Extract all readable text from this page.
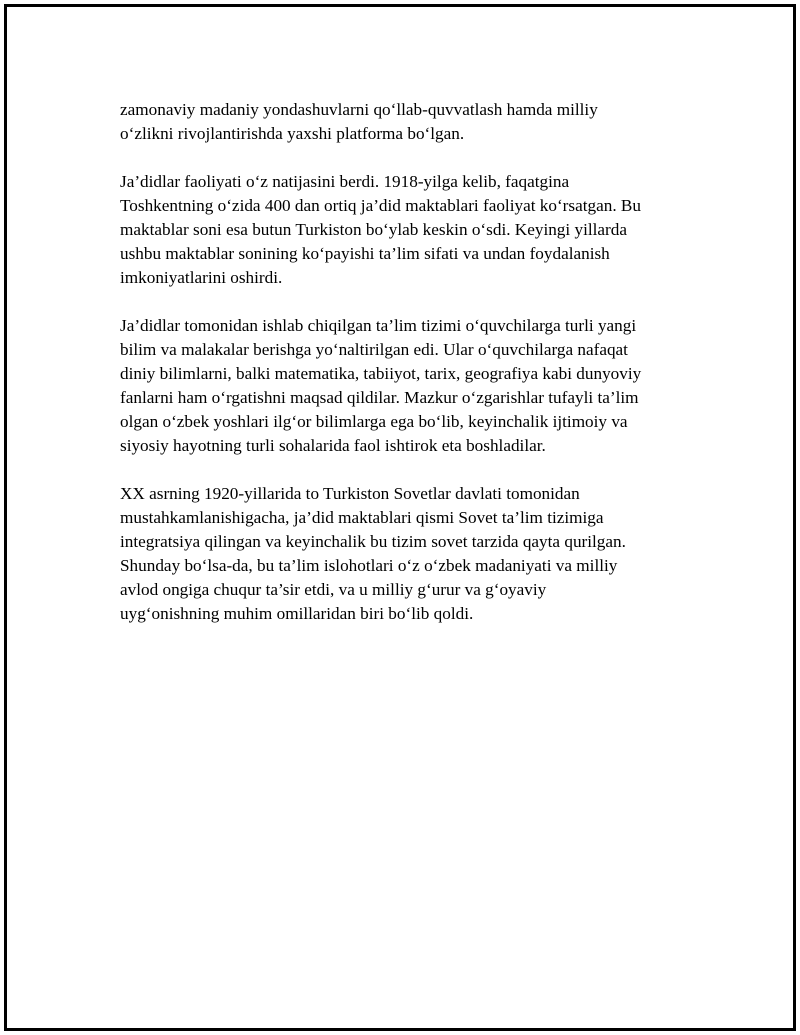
zamonaviy madaniy yondashuvlarni qoʻllab-quvvatlash hamda milliy
oʻzlikni rivojlantirishda yaxshi platforma boʻlgan.

Ja’didlar faoliyati oʻz natijasini berdi. 1918-yilga kelib, faqatgina
Toshkentning oʻzida 400 dan ortiq ja’did maktablari faoliyat koʻrsatgan. Bu
maktablar soni esa butun Turkiston boʻylab keskin oʻsdi. Keyingi yillarda
ushbu maktablar sonining koʻpayishi ta’lim sifati va undan foydalanish
imkoniyatlarini oshirdi.

Ja’didlar tomonidan ishlab chiqilgan ta’lim tizimi oʻquvchilarga turli yangi
bilim va malakalar berishga yoʻnaltirilgan edi. Ular oʻquvchilarga nafaqat
diniy bilimlarni, balki matematika, tabiiyot, tarix, geografiya kabi dunyoviy
fanlarni ham oʻrgatishni maqsad qildilar. Mazkur oʻzgarishlar tufayli ta’lim
olgan oʻzbek yoshlari ilgʻor bilimlarga ega boʻlib, keyinchalik ijtimoiy va
siyosiy hayotning turli sohalarida faol ishtirok eta boshladilar.

XX asrning 1920-yillarida to Turkiston Sovetlar davlati tomonidan
mustahkamlanishigacha, ja’did maktablari qismi Sovet ta’lim tizimiga
integratsiya qilingan va keyinchalik bu tizim sovet tarzida qayta qurilgan.
Shunday boʻlsa-da, bu ta’lim islohotlari oʻz oʻzbek madaniyati va milliy
avlod ongiga chuqur ta’sir etdi, va u milliy gʻurur va gʻoyaviy
uygʻonishning muhim omillaridan biri boʻlib qoldi.
